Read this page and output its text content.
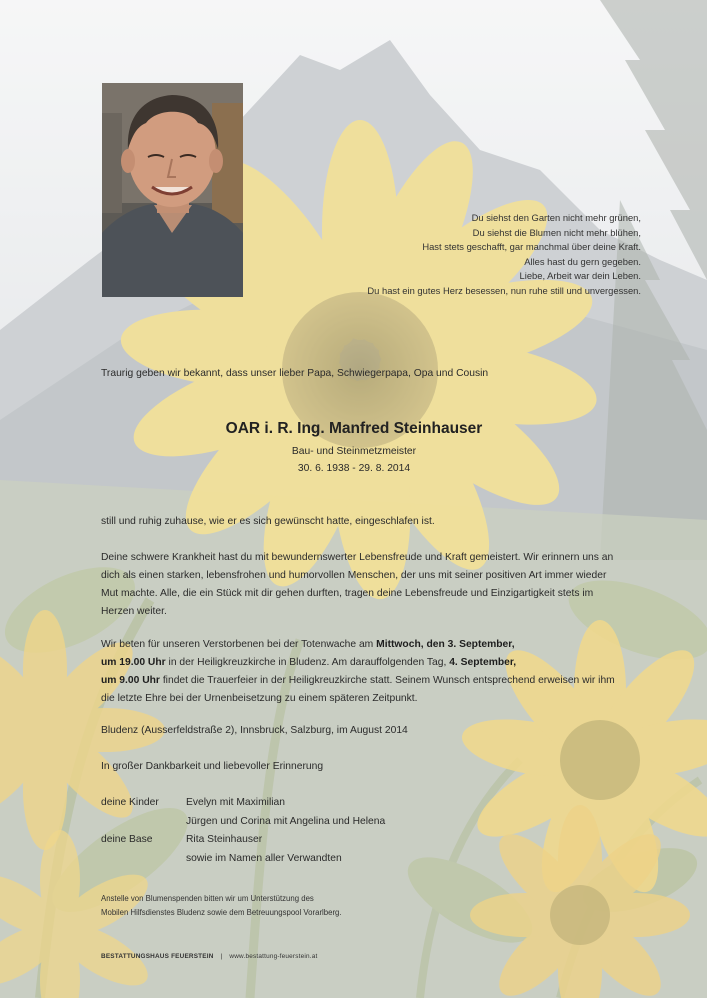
Du siehst den Garten nicht mehr grünen,
Du siehst die Blumen nicht mehr blühen,
Hast stets geschafft, gar manchmal über deine Kraft.
Alles hast du gern gegeben.
Liebe, Arbeit war dein Leben.
Du hast ein gutes Herz besessen, nun ruhe still und unvergessen.
Traurig geben wir bekannt, dass unser lieber Papa, Schwiegerpapa, Opa und Cousin
OAR i. R. Ing. Manfred Steinhauser
Bau- und Steinmetzmeister
30. 6. 1938 - 29. 8. 2014
still und ruhig zuhause, wie er es sich gewünscht hatte, eingeschlafen ist.
Deine schwere Krankheit hast du mit bewundernswerter Lebensfreude und Kraft gemeistert. Wir erinnern uns an dich als einen starken, lebensfrohen und humorvollen Menschen, der uns mit seiner positiven Art immer wieder Mut machte. Alle, die ein Stück mit dir gehen durften, tragen deine Lebensfreude und Einzigartigkeit stets im Herzen weiter.
Wir beten für unseren Verstorbenen bei der Totenwache am Mittwoch, den 3. September,
um 19.00 Uhr in der Heiligkreuzkirche in Bludenz. Am darauffolgenden Tag, 4. September,
um 9.00 Uhr findet die Trauerfeier in der Heiligkreuzkirche statt. Seinem Wunsch entsprechend erweisen wir ihm die letzte Ehre bei der Urnenbeisetzung zu einem späteren Zeitpunkt.
Bludenz (Ausserfeldstraße 2), Innsbruck, Salzburg, im August 2014
In großer Dankbarkeit und liebevoller Erinnerung
deine Kinder	Evelyn mit Maximilian
Jürgen und Corina mit Angelina und Helena
deine Base	Rita Steinhauser
sowie im Namen aller Verwandten
Anstelle von Blumenspenden bitten wir um Unterstützung des
Mobilen Hilfsdienstes Bludenz sowie dem Betreuungspool Vorarlberg.
BESTATTUNGSHAUS FEUERSTEIN | www.bestattung-feuerstein.at
